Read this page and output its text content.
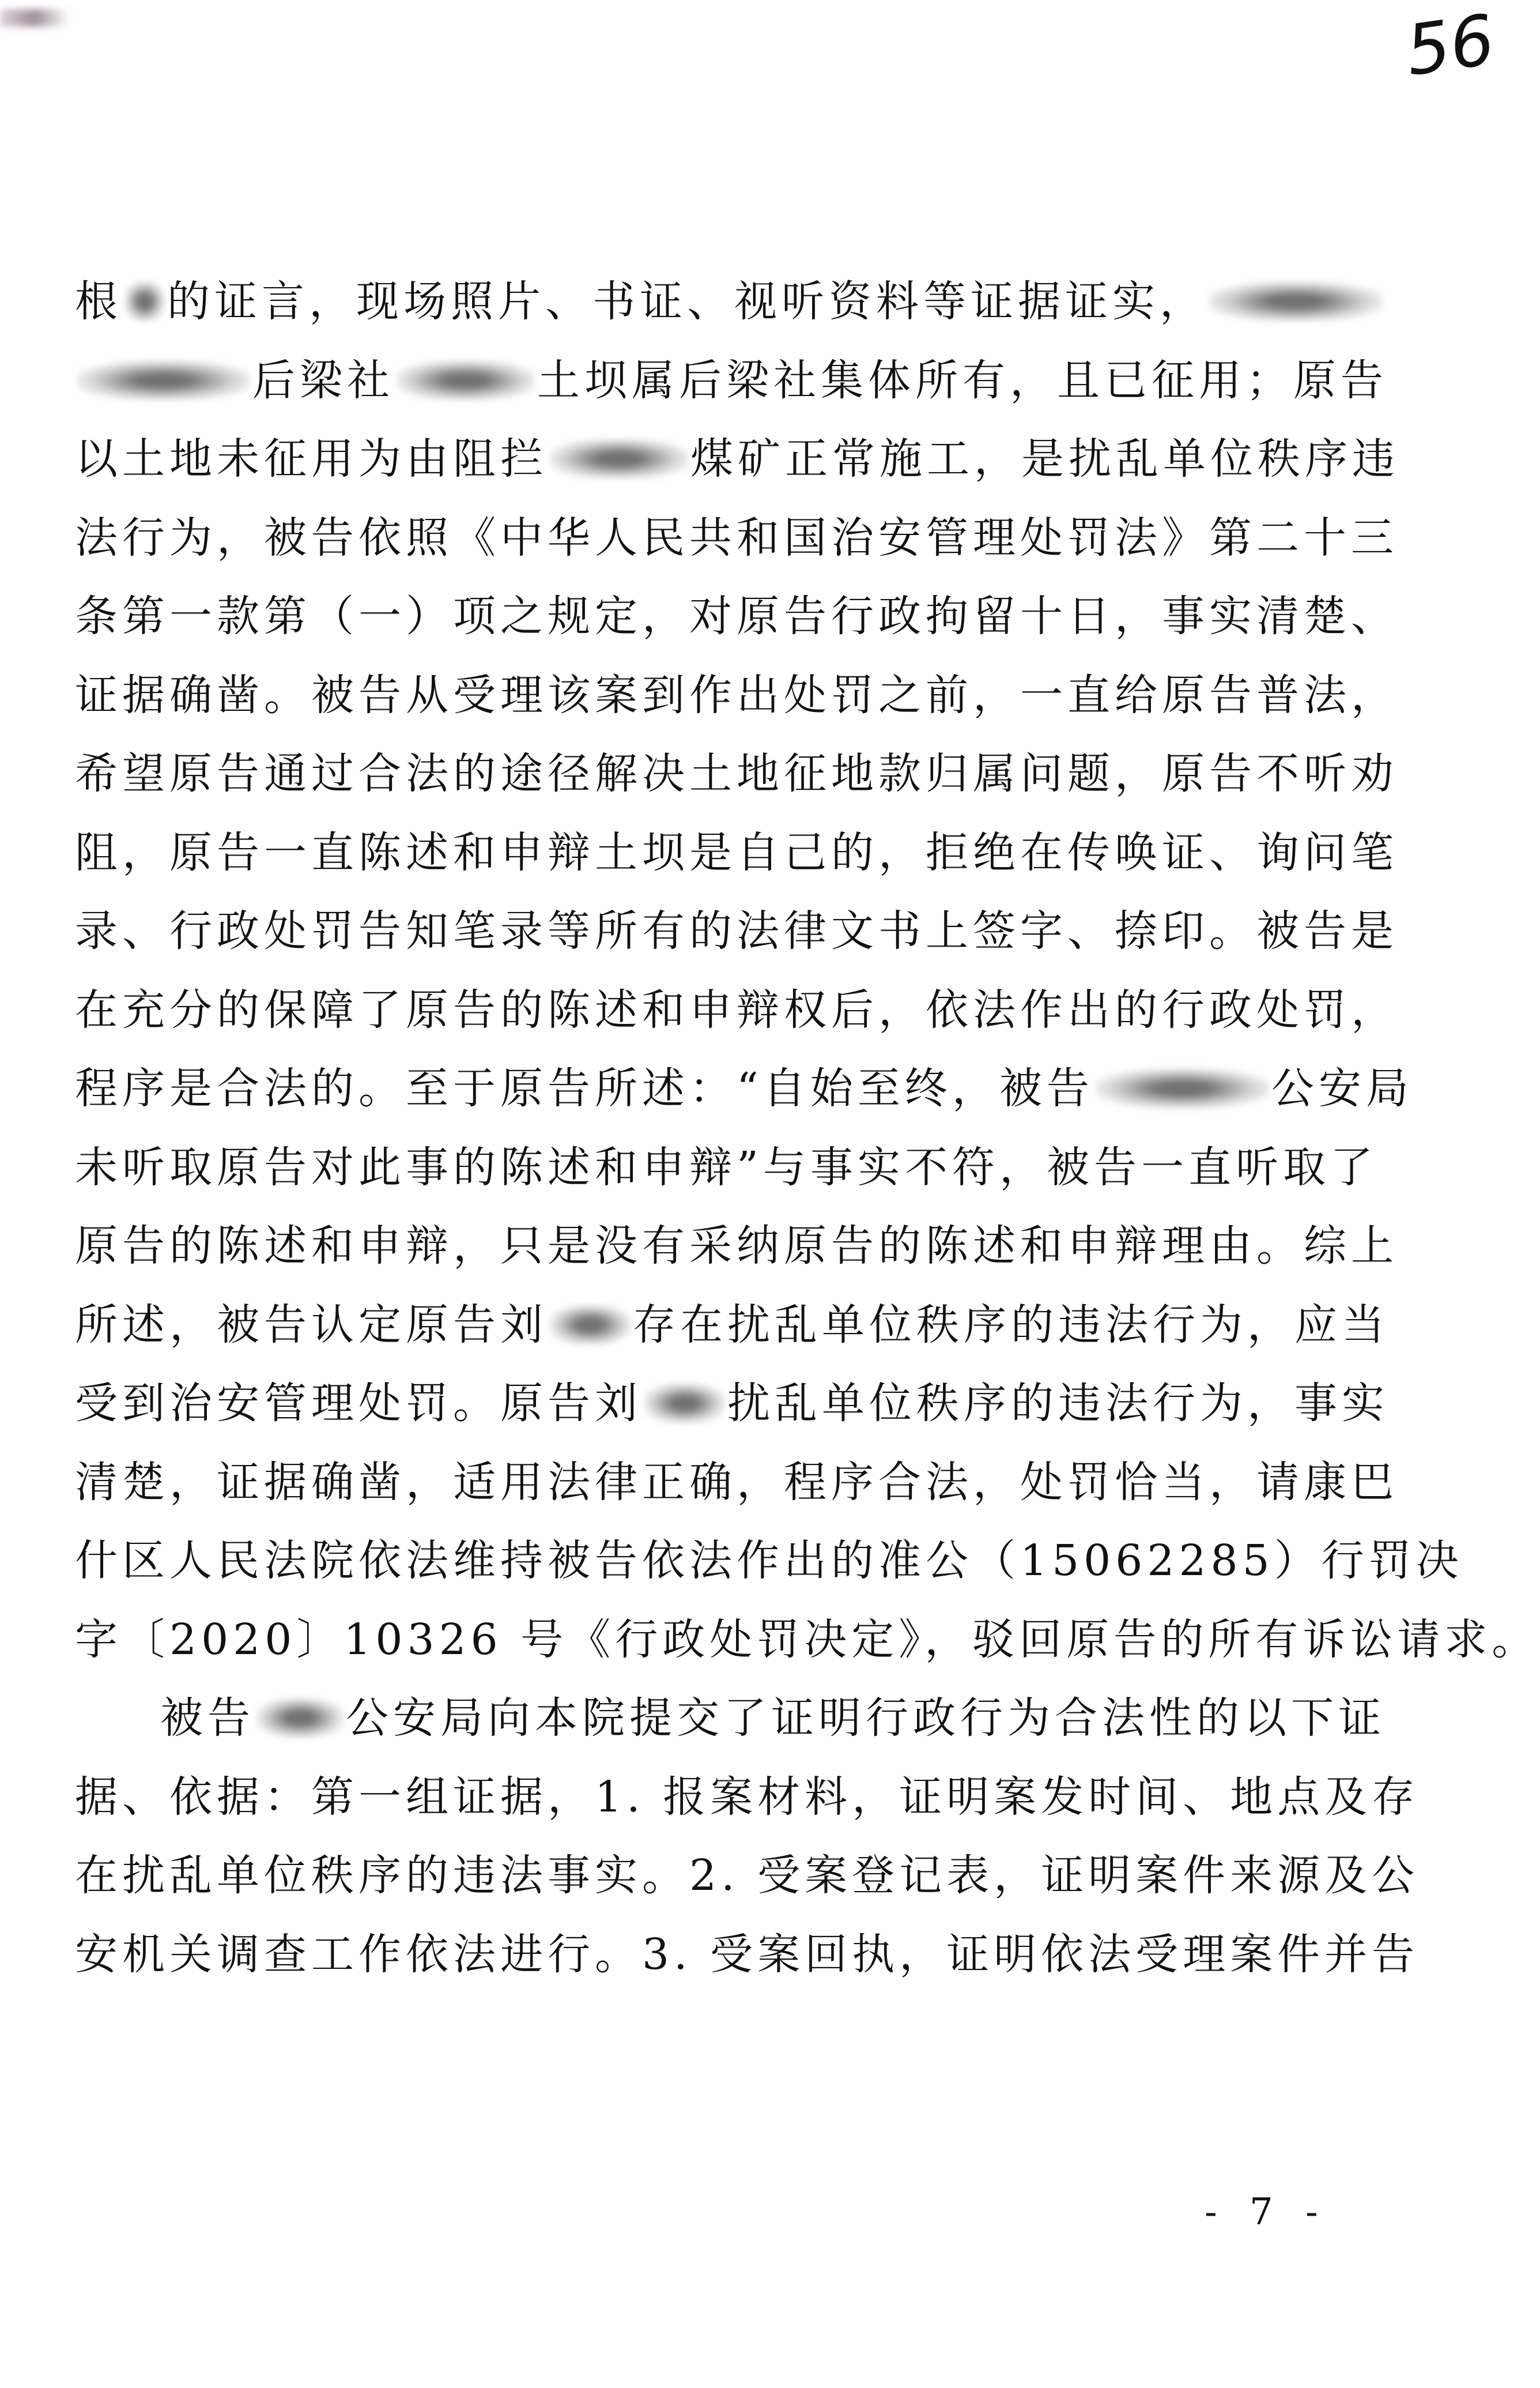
56
根 的证言，现场照片、书证、视听资料等证据证实，
后梁社	土坝属后梁社集体所有，且已征用；原告
以土地未征用为由阻拦	煤矿正常施工，是扰乱单位秩序违
法行为，被告依照《中华人民共和国治安管理处罚法》第二十三
条第一款第（一）项之规定，对原告行政拘留十日，事实清楚、
证据确凿。被告从受理该案到作出处罚之前，一直给原告普法，
希望原告通过合法的途径解决土地征地款归属问题，原告不听劝
阻，原告一直陈述和申辩土坝是自己的，拒绝在传唤证、询问笔
录、行政处罚告知笔录等所有的法律文书上签字、捺印。被告是
在充分的保障了原告的陈述和申辩权后，依法作出的行政处罚，
程序是合法的。至于原告所述：“自始至终，被告	公安局
未听取原告对此事的陈述和申辩”与事实不符，被告一直听取了
原告的陈述和申辩，只是没有采纳原告的陈述和申辩理由。综上
所述，被告认定原告刘 存在扰乱单位秩序的违法行为，应当
受到治安管理处罚。原告刘 扰乱单位秩序的违法行为，事实
清楚，证据确凿，适用法律正确，程序合法，处罚恰当，请康巴
什区人民法院依法维持被告依法作出的准公（15062285）行罚决
字〔2020〕10326 号《行政处罚决定》，驳回原告的所有诉讼请求。
被告 公安局向本院提交了证明行政行为合法性的以下证
据、依据：第一组证据，1. 报案材料，证明案发时间、地点及存
在扰乱单位秩序的违法事实。2. 受案登记表，证明案件来源及公
安机关调查工作依法进行。3. 受案回执，证明依法受理案件并告
- 7 -
